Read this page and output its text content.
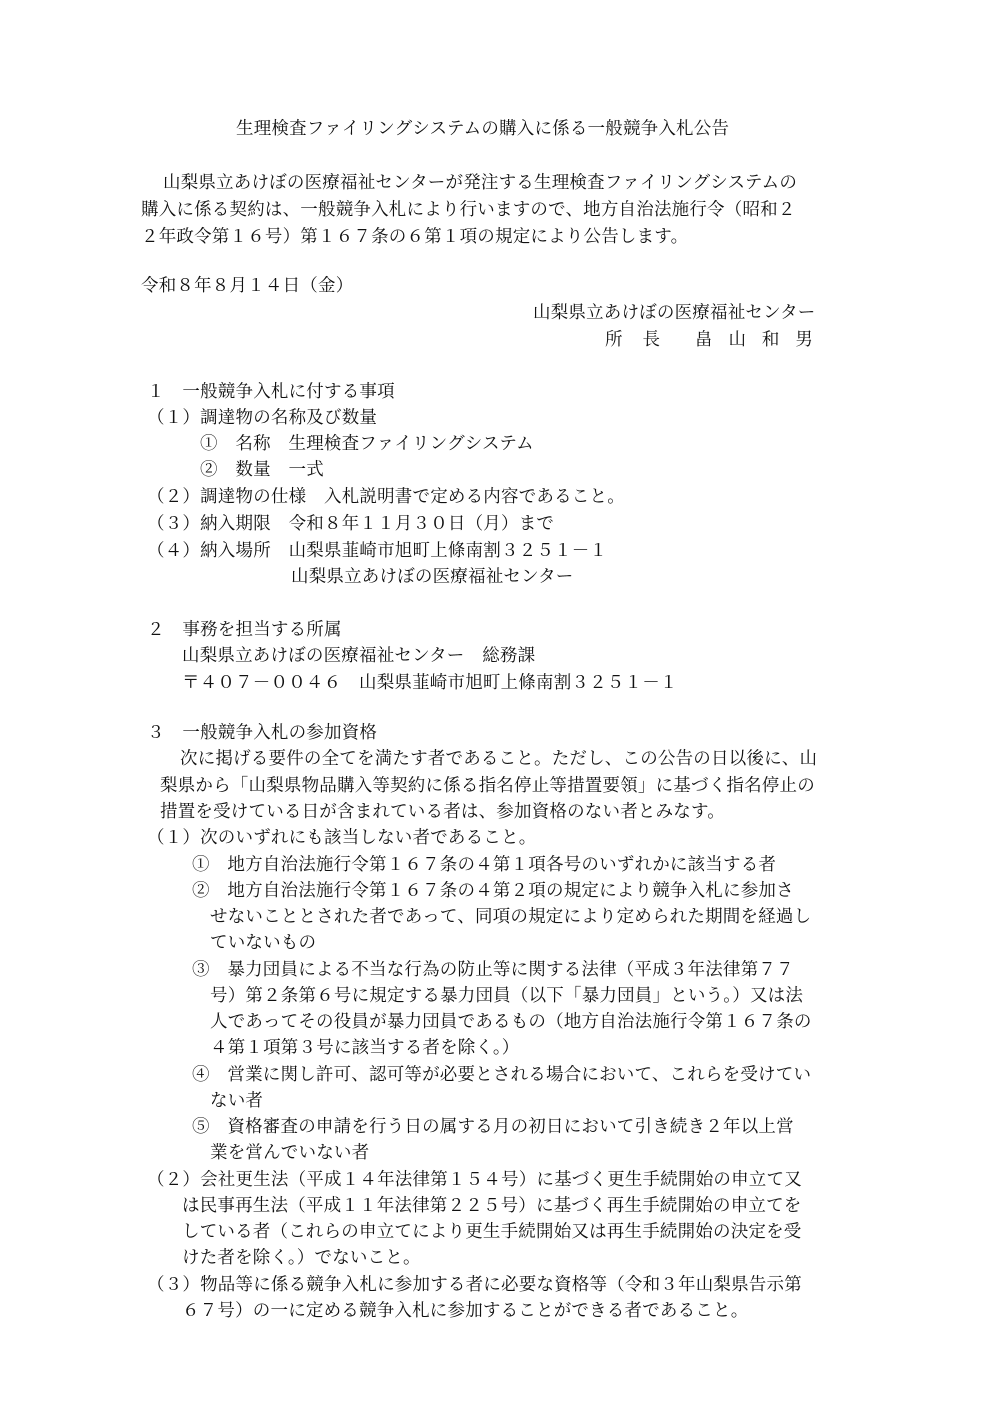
生理検査ファイリングシステムの購入に係る一般競争入札公告
山梨県立あけぼの医療福祉センターが発注する生理検査ファイリングシステムの
購入に係る契約は、一般競争入札により行いますので、地方自治法施行令（昭和２
２年政令第１６号）第１６７条の６第１項の規定により公告します。
令和８年８月１４日（金）
山梨県立あけぼの医療福祉センター
所 長 畠 山 和 男
１　一般競争入札に付する事項
（１）調達物の名称及び数量
①　名称　生理検査ファイリングシステム
②　数量　一式
（２）調達物の仕様　入札説明書で定める内容であること。
（３）納入期限　令和８年１１月３０日（月）まで
（４）納入場所　山梨県韮崎市旭町上條南割３２５１－１
山梨県立あけぼの医療福祉センター
２　事務を担当する所属
山梨県立あけぼの医療福祉センター　総務課
〒４０７－００４６　山梨県韮崎市旭町上條南割３２５１－１
３　一般競争入札の参加資格
次に掲げる要件の全てを満たす者であること。ただし、この公告の日以後に、山
梨県から「山梨県物品購入等契約に係る指名停止等措置要領」に基づく指名停止の
措置を受けている日が含まれている者は、参加資格のない者とみなす。
（１）次のいずれにも該当しない者であること。
①　地方自治法施行令第１６７条の４第１項各号のいずれかに該当する者
②　地方自治法施行令第１６７条の４第２項の規定により競争入札に参加さ
せないこととされた者であって、同項の規定により定められた期間を経過し
ていないもの
③　暴力団員による不当な行為の防止等に関する法律（平成３年法律第７７
号）第２条第６号に規定する暴力団員（以下「暴力団員」という。）又は法
人であってその役員が暴力団員であるもの（地方自治法施行令第１６７条の
４第１項第３号に該当する者を除く。）
④　営業に関し許可、認可等が必要とされる場合において、これらを受けてい
ない者
⑤　資格審査の申請を行う日の属する月の初日において引き続き２年以上営
業を営んでいない者
（２）会社更生法（平成１４年法律第１５４号）に基づく更生手続開始の申立て又
は民事再生法（平成１１年法律第２２５号）に基づく再生手続開始の申立てを
している者（これらの申立てにより更生手続開始又は再生手続開始の決定を受
けた者を除く。）でないこと。
（３）物品等に係る競争入札に参加する者に必要な資格等（令和３年山梨県告示第
６７号）の一に定める競争入札に参加することができる者であること。
